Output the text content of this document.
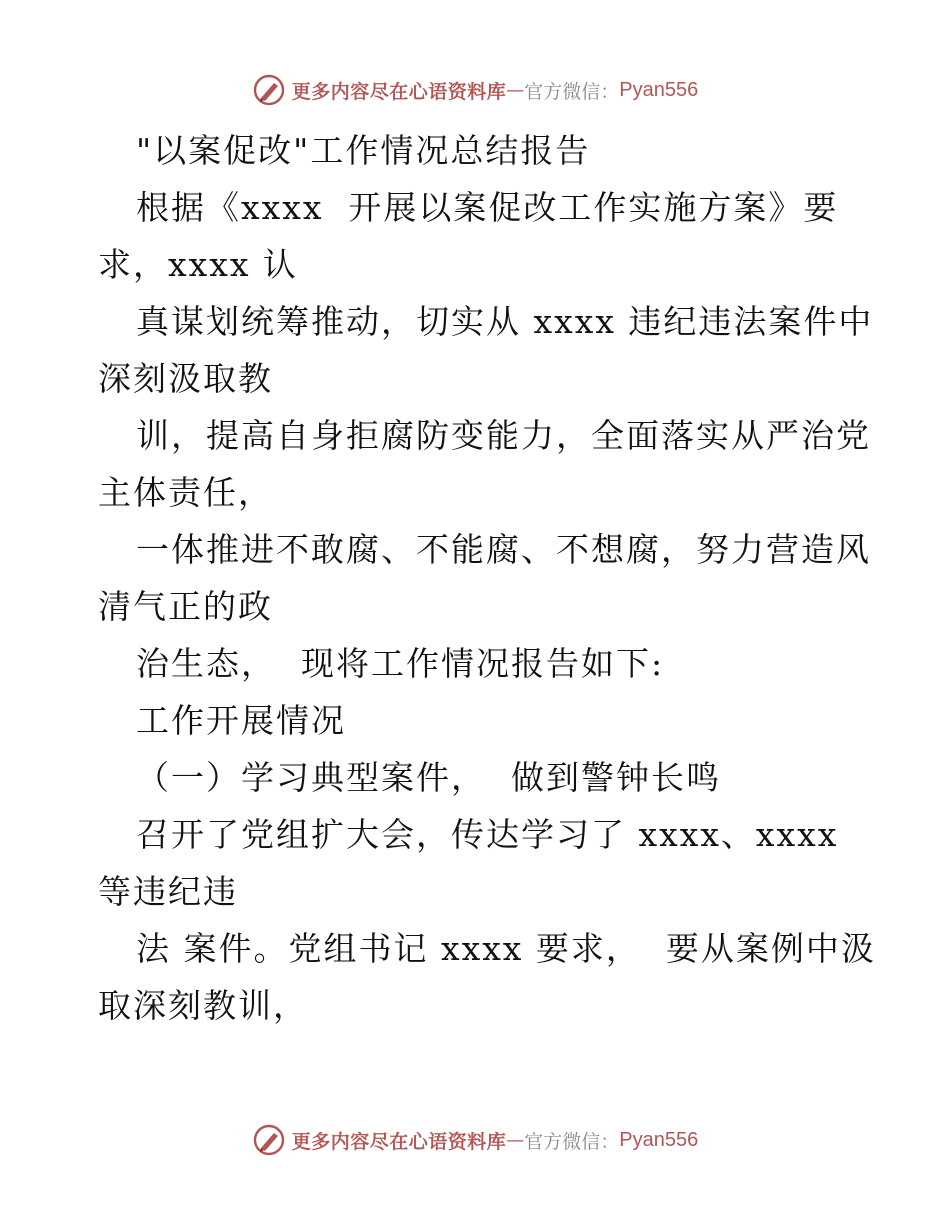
更多内容尽在心语资料库 — 官方微信： Pyan556
"以案促改"工作情况总结报告
根据《xxxx  开展以案促改工作实施方案》要
求，xxxx 认
真谋划统筹推动，切实从 xxxx 违纪违法案件中
深刻汲取教
训，提高自身拒腐防变能力，全面落实从严治党
主体责任，
一体推进不敢腐、不能腐、不想腐，努力营造风
清气正的政
治生态，  现将工作情况报告如下:
工作开展情况
（一）学习典型案件，  做到警钟长鸣
召开了党组扩大会，传达学习了 xxxx、xxxx
等违纪违
法 案件。党组书记 xxxx 要求，  要从案例中汲
取深刻教训，
更多内容尽在心语资料库 — 官方微信： Pyan556
